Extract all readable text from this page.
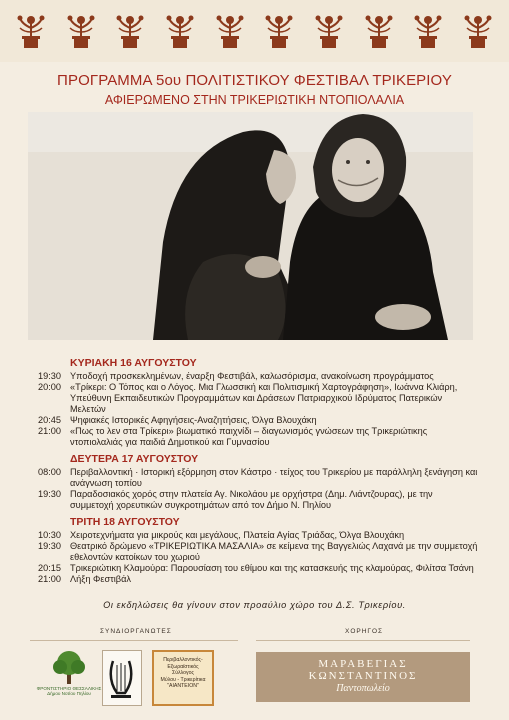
ΠΡΟΓΡΑΜΜΑ 5ου ΠΟΛΙΤΙΣΤΙΚΟΥ ΦΕΣΤΙΒΑΛ ΤΡΙΚΕΡΙΟΥ
ΑΦΙΕΡΩΜΕΝΟ ΣΤΗΝ ΤΡΙΚΕΡΙΩΤΙΚΗ ΝΤΟΠΙΟΛΑΛΙΑ
ΚΥΡΙΑΚΗ 16 ΑΥΓΟΥΣΤΟΥ
19:30 Υποδοχή προσκεκλημένων, έναρξη Φεστιβάλ, καλωσόρισμα, ανακοίνωση προγράμματος
20:00 «Τρίκερι: Ο Τόπος και ο Λόγος. Μια Γλωσσική και Πολιτισμική Χαρτογράφηση», Ιωάννα Κλιάρη, Υπεύθυνη Εκπαιδευτικών Προγραμμάτων και Δράσεων Πατριαρχικού Ιδρύματος Πατερικών Μελετών
20:45 Ψηφιακές Ιστορικές Αφηγήσεις-Αναζητήσεις, Όλγα Βλουχάκη
21:00 «Πως το λεν στα Τρίκερι» βιωματικό παιχνίδι – διαγωνισμός γνώσεων της Τρικεριώτικης ντοπιολαλιάς για παιδιά Δημοτικού και Γυμνασίου
ΔΕΥΤΕΡΑ 17 ΑΥΓΟΥΣΤΟΥ
08:00 Περιβαλλοντική · Ιστορική εξόρμηση στον Κάστρο · τείχος του Τρικερίου με παράλληλη ξενάγηση και ανάγνωση τοπίου
19:30 Παραδοσιακός χορός στην πλατεία Αγ. Νικολάου με ορχήστρα (Δημ. Λιάντζουρας), με την συμμετοχή χορευτικών συγκροτημάτων από τον Δήμο Ν. Πηλίου
ΤΡΙΤΗ 18 ΑΥΓΟΥΣΤΟΥ
10:30 Χειροτεχνήματα για μικρούς και μεγάλους, Πλατεία Αγίας Τριάδας, Όλγα Βλουχάκη
19:30 Θεατρικό δρώμενο «ΤΡΙΚΕΡΙΩΤΙΚΑ ΜΑΣΑΛΙΑ» σε κείμενα της Βαγγελιώς Λαχανά με την συμμετοχή εθελοντών κατοίκων του χωριού
20:15 Τρικεριώτικη Κλαμούρα: Παρουσίαση του εθίμου και της κατασκευής της κλαμούρας, Φιλίτσα Τσάνη
21:00 Λήξη Φεστιβάλ
Οι εκδηλώσεις θα γίνουν στον προαύλιο χώρο του Δ.Σ. Τρικερίου.
ΣΥΝΔΙΟΡΓΑΝΩΤΕΣ	ΧΟΡΗΓΟΣ
ΦΡΟΝΤΙΣΤΗΡΙΟ ΘΕΣΣΑΛΙΚΗΣ
Δήμου Νοτίου Πηλίου
Περιβαλλοντικός-
Εξωραϊστικός
Σύλλογος
Μύλου - Τρικερίτικα
"ΑΙΑΝΤΕΙΟΝ"
ΜΑΡΑΒΕΓΙΑΣ
ΚΩΝΣΤΑΝΤΙΝΟΣ
Παντοπωλείο
